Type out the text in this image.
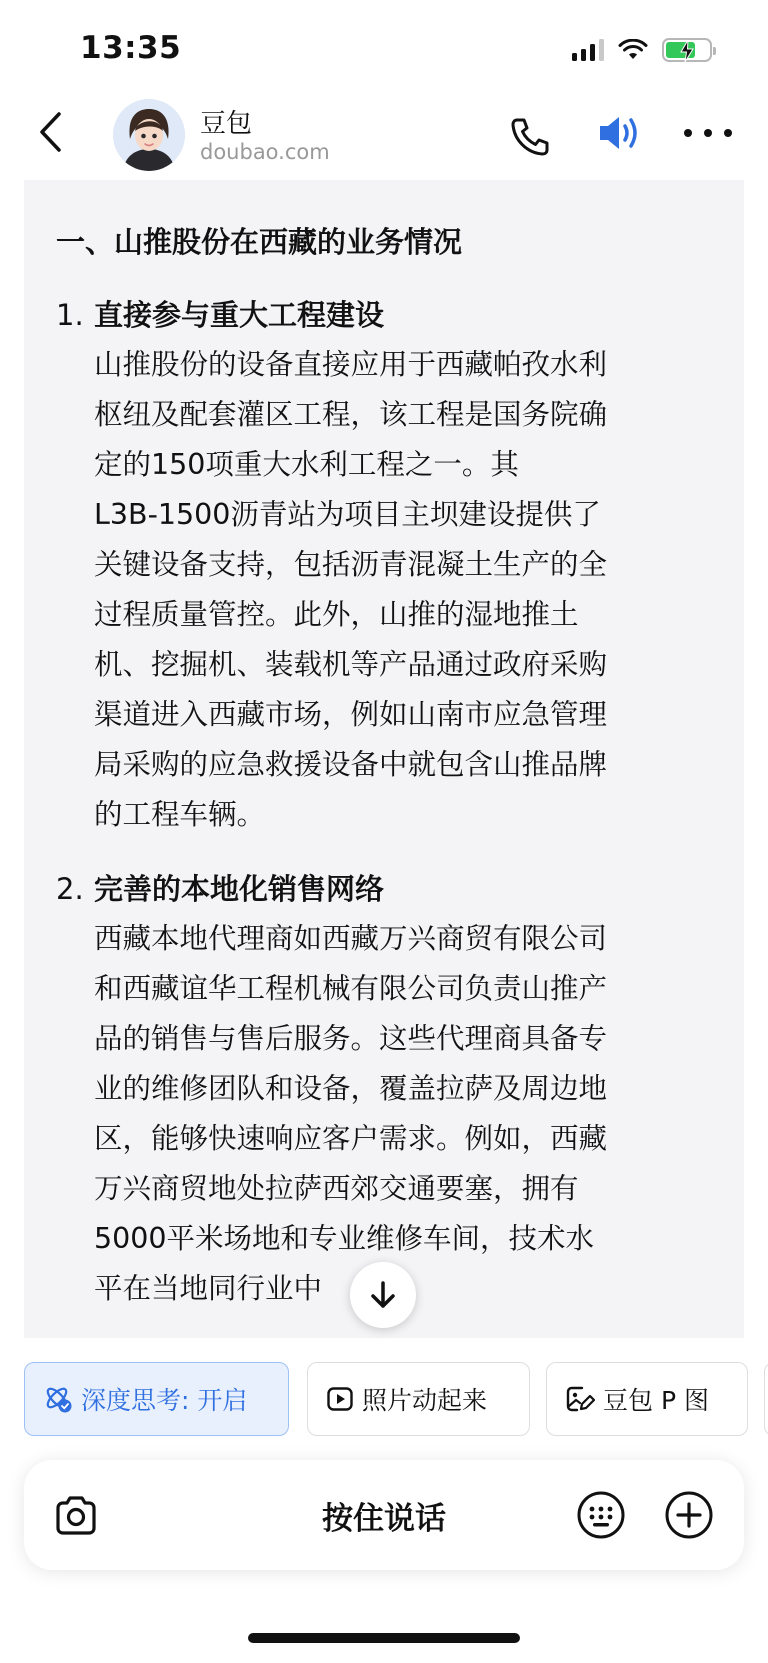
13:35
豆包
doubao.com
一、山推股份在西藏的业务情况
1. 直接参与重大工程建设
山推股份的设备直接应用于西藏帕孜水利
枢纽及配套灌区工程，该工程是国务院确
定的150项重大水利工程之一。其
L3B-1500沥青站为项目主坝建设提供了
关键设备支持，包括沥青混凝土生产的全
过程质量管控。此外，山推的湿地推土
机、挖掘机、装载机等产品通过政府采购
渠道进入西藏市场，例如山南市应急管理
局采购的应急救援设备中就包含山推品牌
的工程车辆。
2. 完善的本地化销售网络
西藏本地代理商如西藏万兴商贸有限公司
和西藏谊华工程机械有限公司负责山推产
品的销售与售后服务。这些代理商具备专
业的维修团队和设备，覆盖拉萨及周边地
区，能够快速响应客户需求。例如，西藏
万兴商贸地处拉萨西郊交通要塞，拥有
5000平米场地和专业维修车间，技术水
平在当地同行业中
深度思考: 开启	照片动起来	豆包 P 图
按住说话
